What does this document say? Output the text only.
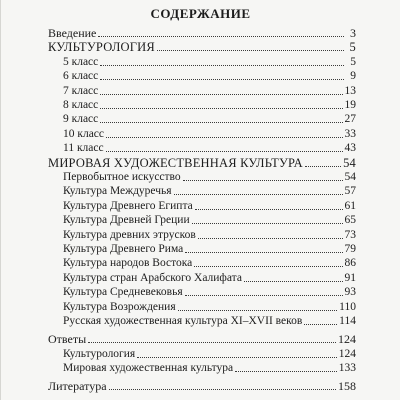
СОДЕРЖАНИЕ
Введение	3
КУЛЬТУРОЛОГИЯ	5
5 класс	5
6 класс	9
7 класс	13
8 класс	19
9 класс	27
10 класс	33
11 класс	43
МИРОВАЯ ХУДОЖЕСТВЕННАЯ КУЛЬТУРА	54
Первобытное искусство	54
Культура Междуречья	57
Культура Древнего Египта	61
Культура Древней Греции	65
Культура древних этрусков	73
Культура Древнего Рима	79
Культура народов Востока	86
Культура стран Арабского Халифата	91
Культура Средневековья	93
Культура Возрождения	110
Русская художественная культура XI–XVII веков	114
Ответы	124
Культурология	124
Мировая художественная культура	133
Литература	158
